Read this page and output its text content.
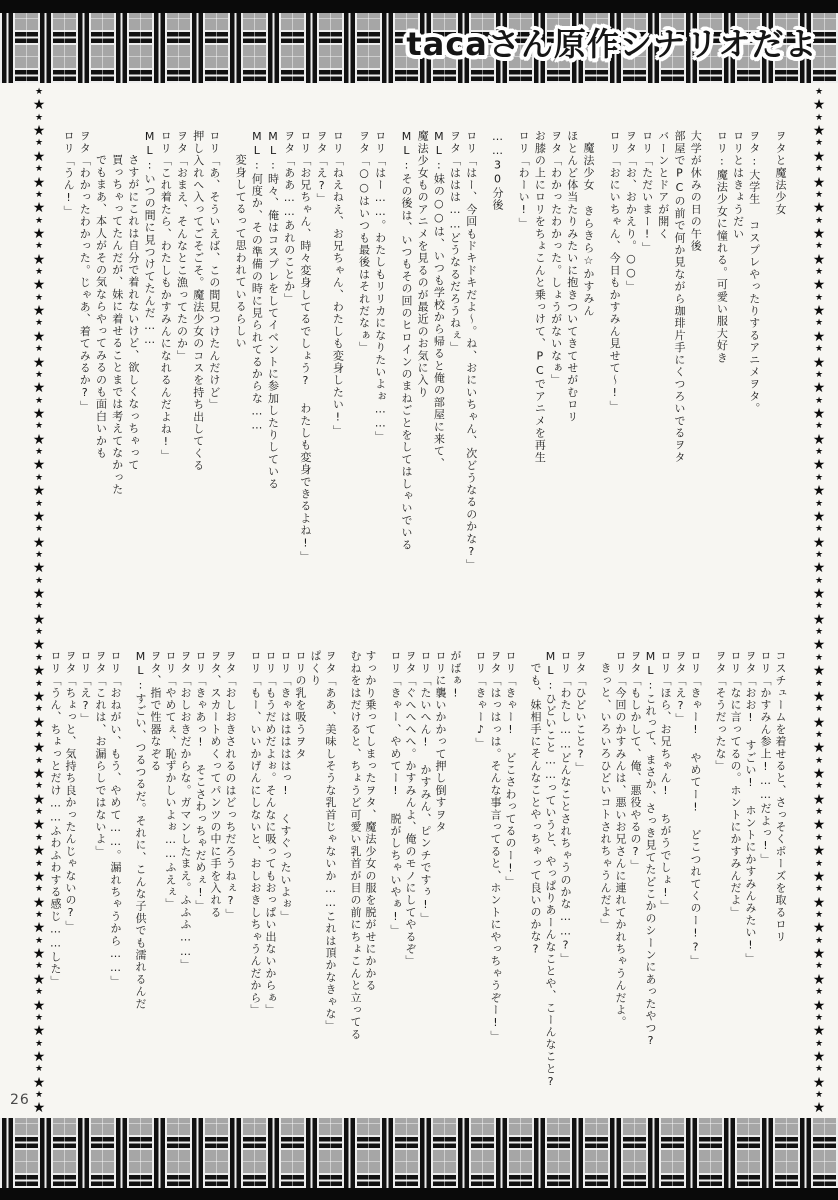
tacaさん原作シナリオだよ
★
★
★
★
★
★
★
★
★
★
★
★
★
★
★
★
★
★
★
★
★
★
★
★
★
★
★
★
★
★
★
★
★
★
★
★
★
★
★
★
★
★
★
★
★
★
★
★
★
★
★
★
★
★
★
★
★
★
★
★
★
★
★
★
★
★
★
★
★
★
★
★
★
★
★
★
★
★
★
★
★
★
★
★
★
★
★
★
★
★
★
★
★
★
★
★
★
★
★
★
★
★
★
★
★
★
★
★
★
★
★
★
★
★
★
★
★
★
★
★
★
★
★
★
★
★
★
★
★
★
★
★
★
★
★
★
★
★
★
★
★
★
★
★
★
★
★
★
★
★
★
★
★
★
★
★
★
★
★
★

ヲタと魔法少女

ヲタ:大学生 コスプレやったりするアニメヲタ。

ロリとはきょうだい

ロリ:魔法少女に憧れる。可愛い服大好き

大学が休みの日の午後

部屋でPCの前で何か見ながら珈琲片手にくつろいでるヲタ

バーンとドアが開く

ロリ「ただいまー!」

ヲタ「お、おかえり。○○」

ロリ「おにいちゃん、今日もかすみん見せて〜!」

魔法少女 きらきら☆かすみん

ほとんど体当たりみたいに抱きついてきてせがむロリ

ヲタ「わかったわかった。しょうがないなぁ」

お膝の上にロリをちょこんと乗っけて、PCでアニメを再生

ロリ「わーい!」

……30分後

ロリ「はー、今回もドキドキだよ〜。ね、おにいちゃん、次どうなるのかな?」

ヲタ「ははは……どうなるだろうねぇ」

ML:妹の○○は、いつも学校から帰ると俺の部屋に来て、

魔法少女ものアニメを見るのが最近のお気に入り

ML:その後は、いつもその回のヒロインのまねごとをしてはしゃいでいる

ロリ「はー……。わたしもリリカになりたいよぉ……」

ヲタ「○○はいつも最後はそれだなぁ」

ロリ「ねえねえ、お兄ちゃん、わたしも変身したい!」

ヲタ「え?」

ロリ「お兄ちゃん、時々変身してるでしょう? わたしも変身できるよね!」

ヲタ「ああ……あれのことか」

ML:時々、俺はコスプレをしてイベントに参加したりしている

ML:何度か、その準備の時に見られてるからな……

変身してるって思われているらしい

ロリ「あ、そういえば、この間見つけたんだけど」

押し入れへ入ってごそごそ。魔法少女のコスを持ち出してくる

ヲタ「おまえ、そんなとこ漁ってたのか」

ロリ「これ着たら、わたしもかすみんになれるんだよね!」

ML:いつの間に見つけてたんだ……

さすがにこれは自分で着れないけど、欲しくなっちゃって

買っちゃってたんだが、妹に着せることまでは考えてなかった

でもまあ、本人がその気ならやってみるのも面白いかも

ヲタ「わかったわかった。じゃあ、着てみるか?」

ロリ「うん!」

コスチュームを着せると、さっそくポーズを取るロリ

ロリ「かすみん参上!……だよっ!」

ヲタ「おお! すごい! ホントにかすみんみたい!」

ロリ「なに言ってるの。ホントにかすみんだよ」

ヲタ「そうだったな」

ロリ「きゃー! やめてー! どこつれてくのー!?」

ヲタ「え?」

ロリ「ほら、お兄ちゃん! ちがうでしょ!」

ML:これって、まさか、さっき見てたどこかのシーンにあったやつ?

ヲタ「もしかして、俺、悪役やるの?」

ロリ「今回のかすみんは、悪いお兄さんに連れてかれちゃうんだよ。

きっと、いろいろひどいコトされちゃうんだよ」

ヲタ「ひどいこと?」

ロリ「わたし……どんなことされちゃうのかな……?」

ML:ひどいこと……っていうと、やっぱりあーんなことや、こーんなこと?

でも、妹相手にそんなことやっちゃって良いのかな?

ロリ「きゃー! どこさわってるのー!」

ヲタ「はっはっは。そんな事言ってると、ホントにやっちゃうぞー!」

ロリ「きゃー♪」

がばぁ!

ロリに襲いかかって押し倒すヲタ

ロリ「たいへん! かすみん、ピンチですぅ!」

ヲタ「ぐへへへへ。かすみんよ、俺のモノにしてやるぞ」

ロリ「きゃー、やめてー! 脱がしちゃいやぁ!」

すっかり乗ってしまったヲタ、魔法少女の服を脱がせにかかる

むねをはだけると、ちょうど可愛い乳首が目の前にちょこんと立ってる

ヲタ「ああ、美味しそうな乳首じゃないか……これは頂かなきゃな」

ぱくり

ロリの乳を吸うヲタ

ロリ「きゃはははははっ! くすぐったいよぉ」

ロリ「もうだめだよぉ。そんなに吸ってもおっぱい出ないからぁ」

ロリ「もー、いいかげんにしないと、おしおきしちゃうんだから」

ヲタ「おしおきされるのはどっちだろうねぇ?」

ヲタ、スカートめくってパンツの中に手を入れる

ロリ「きゃあっ! そこさわっちゃだめぇ!」

ヲタ「おしおきだからな。ガマンしたまえ。ふふふ……」

ロリ「やめてぇ、恥ずかしいよぉ……ふえぇ」

ヲタ、指で性器なぞる

ML:すごい、つるつるだ。それに、こんな子供でも濡れるんだ

ロリ「おねがい、もう、やめて……。漏れちゃうから……」

ヲタ「これは、お漏らしではないよ」

ロリ「え?」

ヲタ「ちょっと、気持ち良かったんじゃないの?」

ロリ「うん、ちょっとだけ……ふわふわする感じ……した」

26
